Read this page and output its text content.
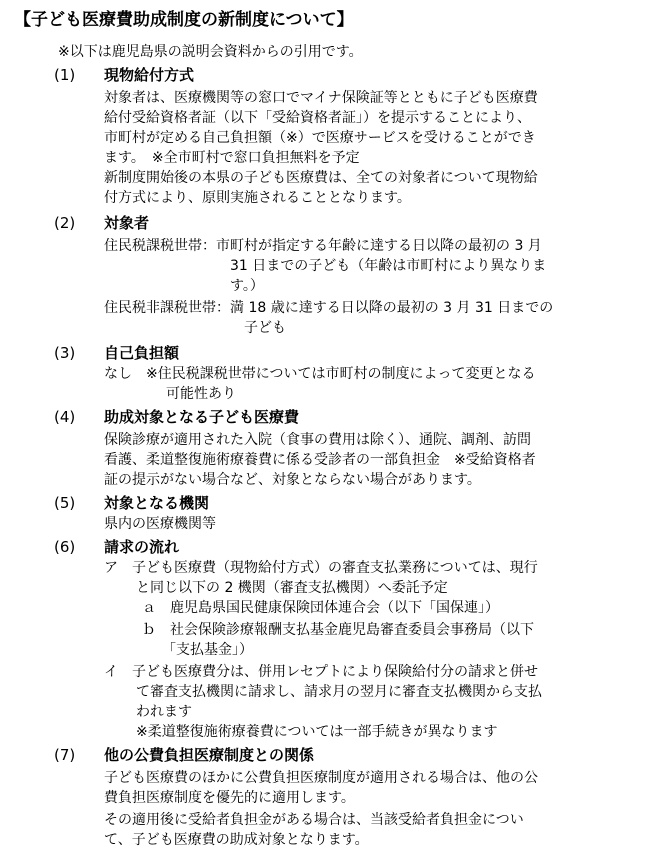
【子ども医療費助成制度の新制度について】
※以下は鹿児島県の説明会資料からの引用です。
(1) 現物給付方式
対象者は、医療機関等の窓口でマイナ保険証等とともに子ども医療費
給付受給資格者証（以下「受給資格者証」）を提示することにより、
市町村が定める自己負担額（※）で医療サービスを受けることができ
ます。　※全市町村で窓口負担無料を予定
新制度開始後の本県の子ども医療費は、全ての対象者について現物給
付方式により、原則実施されることとなります。
(2) 対象者
住民税課税世帯：市町村が指定する年齢に達する日以降の最初の 3 月
31 日までの子ども（年齢は市町村により異なりま
す。）
住民税非課税世帯：満 18 歳に達する日以降の最初の 3 月 31 日までの
子ども
(3) 自己負担額
なし　※住民税課税世帯については市町村の制度によって変更となる
可能性あり
(4) 助成対象となる子ども医療費
保険診療が適用された入院（食事の費用は除く）、通院、調剤、訪問
看護、柔道整復施術療養費に係る受診者の一部負担金　※受給資格者
証の提示がない場合など、対象とならない場合があります。
(5) 対象となる機関
県内の医療機関等
(6) 請求の流れ
ア　子ども医療費（現物給付方式）の審査支払業務については、現行
と同じ以下の 2 機関（審査支払機関）へ委託予定
ａ　鹿児島県国民健康保険団体連合会（以下「国保連」）
ｂ　社会保険診療報酬支払基金鹿児島審査委員会事務局（以下
「支払基金」）
イ　子ども医療費分は、併用レセプトにより保険給付分の請求と併せ
て審査支払機関に請求し、請求月の翌月に審査支払機関から支払
われます
※柔道整復施術療養費については一部手続きが異なります
(7) 他の公費負担医療制度との関係
子ども医療費のほかに公費負担医療制度が適用される場合は、他の公
費負担医療制度を優先的に適用します。
その適用後に受給者負担金がある場合は、当該受給者負担金につい
て、子ども医療費の助成対象となります。
